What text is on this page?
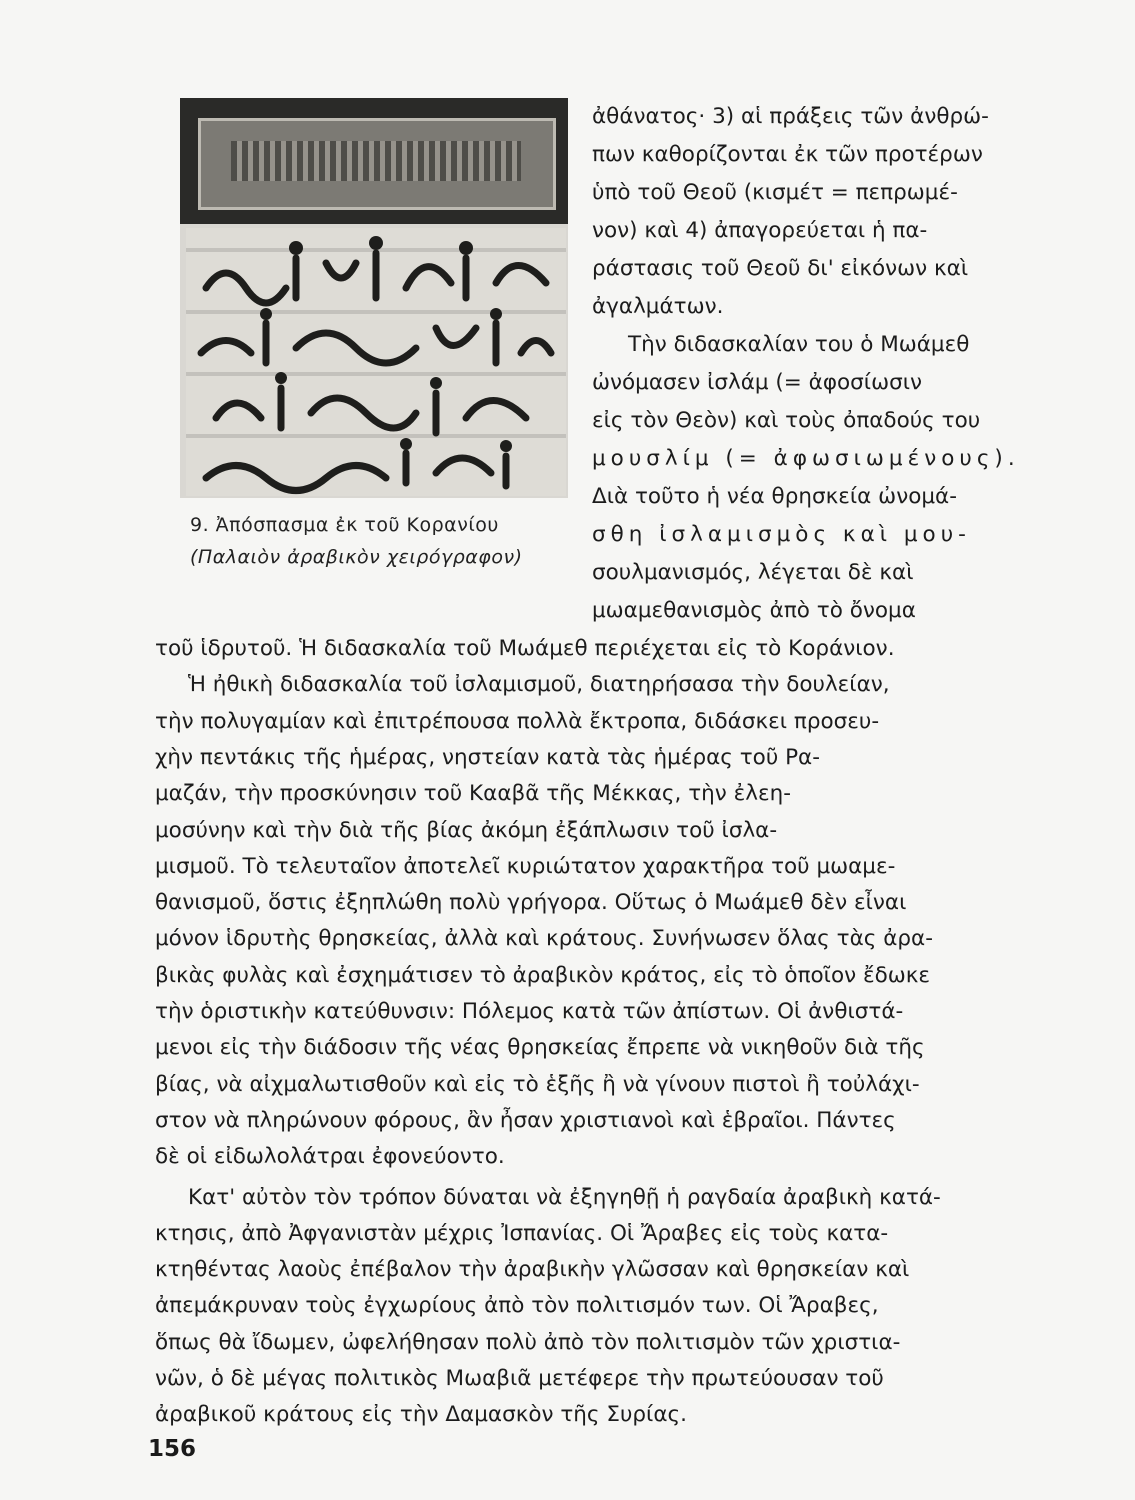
9. Ἀπόσπασμα ἐκ τοῦ Κορανίου
(Παλαιὸν ἀραβικὸν χειρόγραφον)
ἀθάνατος· 3) αἱ πράξεις τῶν ἀνθρώ-
πων καθορίζονται ἐκ τῶν προτέρων
ὑπὸ τοῦ Θεοῦ (κισμέτ = πεπρωμέ-
νον) καὶ 4) ἀπαγορεύεται ἡ πα-
ράστασις τοῦ Θεοῦ δι' εἰκόνων καὶ
ἀγαλμάτων.
Τὴν διδασκαλίαν του ὁ Μωάμεθ
ὠνόμασεν ἰσλάμ (= ἀφοσίωσιν
εἰς τὸν Θεὸν) καὶ τοὺς ὀπαδούς του
μουσλίμ (= ἀφωσιωμένους).
Διὰ τοῦτο ἡ νέα θρησκεία ὠνομά-
σθη ἰσλαμισμὸς καὶ μου-
σουλμανισμός, λέγεται δὲ καὶ
μωαμεθανισμὸς ἀπὸ τὸ ὄνομα
156
τοῦ ἱδρυτοῦ. Ἡ διδασκαλία τοῦ Μωάμεθ περιέχεται εἰς τὸ Κοράνιον.
Ἡ ἠθικὴ διδασκαλία τοῦ ἰσλαμισμοῦ, διατηρήσασα τὴν δουλείαν,
τὴν πολυγαμίαν καὶ ἐπιτρέπουσα πολλὰ ἔκτροπα, διδάσκει προσευ-
χὴν πεντάκις τῆς ἡμέρας, νηστείαν κατὰ τὰς ἡμέρας τοῦ Ρα-
μαζάν, τὴν προσκύνησιν τοῦ Κααβᾶ τῆς Μέκκας, τὴν ἐλεη-
μοσύνην καὶ τὴν διὰ τῆς βίας ἀκόμη ἐξάπλωσιν τοῦ ἰσλα-
μισμοῦ. Τὸ τελευταῖον ἀποτελεῖ κυριώτατον χαρακτῆρα τοῦ μωαμε-
θανισμοῦ, ὅστις ἐξηπλώθη πολὺ γρήγορα. Οὕτως ὁ Μωάμεθ δὲν εἶναι
μόνον ἱδρυτὴς θρησκείας, ἀλλὰ καὶ κράτους. Συνήνωσεν ὅλας τὰς ἀρα-
βικὰς φυλὰς καὶ ἐσχημάτισεν τὸ ἀραβικὸν κράτος, εἰς τὸ ὁποῖον ἔδωκε
τὴν ὁριστικὴν κατεύθυνσιν: Πόλεμος κατὰ τῶν ἀπίστων. Οἱ ἀνθιστά-
μενοι εἰς τὴν διάδοσιν τῆς νέας θρησκείας ἔπρεπε νὰ νικηθοῦν διὰ τῆς
βίας, νὰ αἰχμαλωτισθοῦν καὶ εἰς τὸ ἑξῆς ἢ νὰ γίνουν πιστοὶ ἢ τοὐλάχι-
στον νὰ πληρώνουν φόρους, ἂν ἦσαν χριστιανοὶ καὶ ἑβραῖοι. Πάντες
δὲ οἱ εἰδωλολάτραι ἐφονεύοντο.
Κατ' αὐτὸν τὸν τρόπον δύναται νὰ ἐξηγηθῇ ἡ ραγδαία ἀραβικὴ κατά-
κτησις, ἀπὸ Ἀφγανιστὰν μέχρις Ἰσπανίας. Οἱ Ἄραβες εἰς τοὺς κατα-
κτηθέντας λαοὺς ἐπέβαλον τὴν ἀραβικὴν γλῶσσαν καὶ θρησκείαν καὶ
ἀπεμάκρυναν τοὺς ἐγχωρίους ἀπὸ τὸν πολιτισμόν των. Οἱ Ἄραβες,
ὅπως θὰ ἴδωμεν, ὠφελήθησαν πολὺ ἀπὸ τὸν πολιτισμὸν τῶν χριστια-
νῶν, ὁ δὲ μέγας πολιτικὸς Μωαβιᾶ μετέφερε τὴν πρωτεύουσαν τοῦ
ἀραβικοῦ κράτους εἰς τὴν Δαμασκὸν τῆς Συρίας.
